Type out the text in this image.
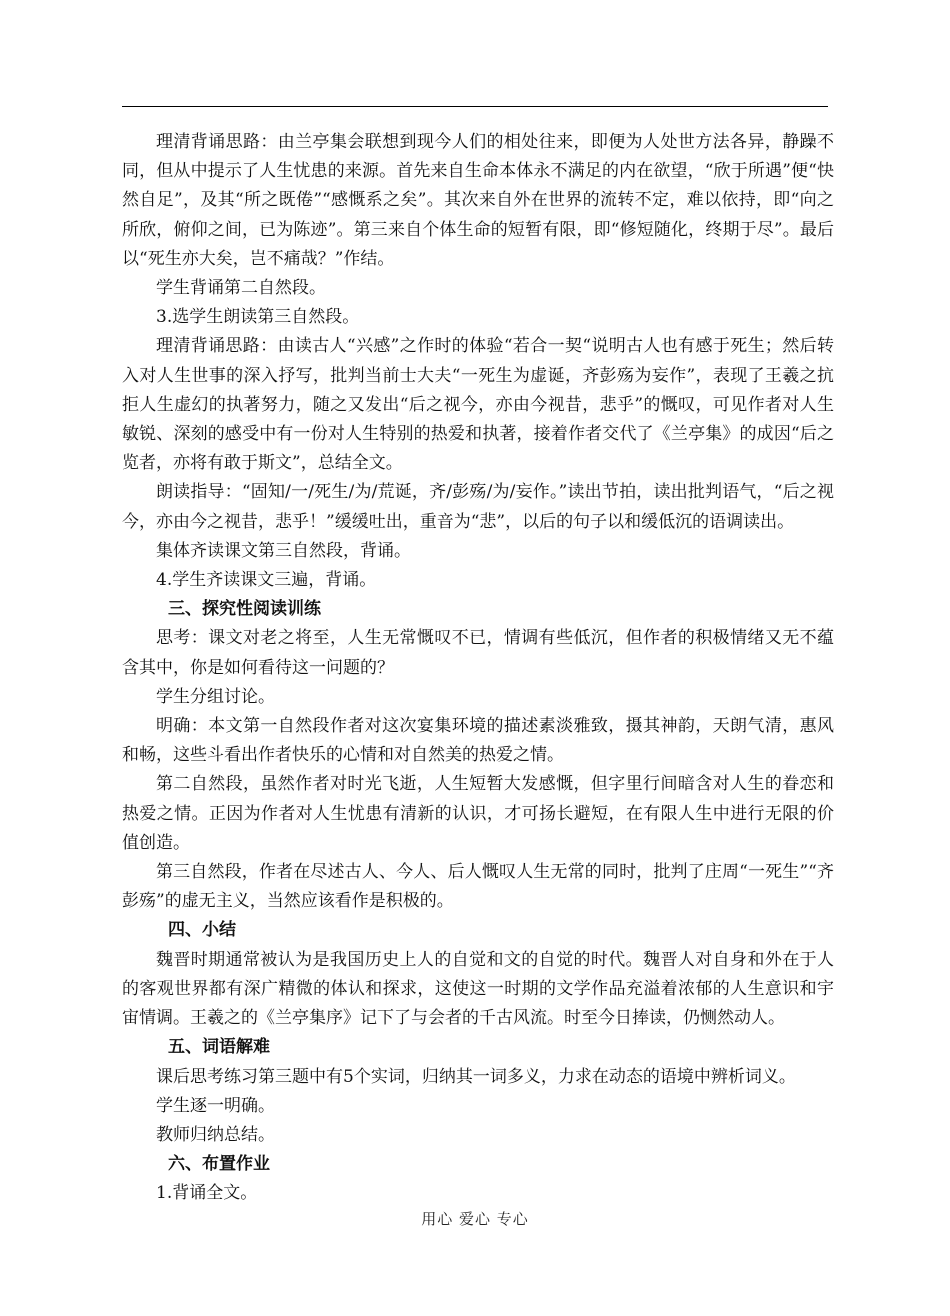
理清背诵思路：由兰亭集会联想到现今人们的相处往来，即便为人处世方法各异，静躁不同，但从中提示了人生忧患的来源。首先来自生命本体永不满足的内在欲望，“欣于所遇”便“快然自足”，及其“所之既倦”“感慨系之矣”。其次来自外在世界的流转不定，难以依持，即“向之所欣，俯仰之间，已为陈迹”。第三来自个体生命的短暂有限，即“修短随化，终期于尽”。最后以“死生亦大矣，岂不痛哉？”作结。

学生背诵第二自然段。

3.选学生朗读第三自然段。

理清背诵思路：由读古人“兴感”之作时的体验“若合一契“说明古人也有感于死生；然后转入对人生世事的深入抒写，批判当前士大夫“一死生为虚诞，齐彭殇为妄作”，表现了王羲之抗拒人生虚幻的执著努力，随之又发出“后之视今，亦由今视昔，悲乎”的慨叹，可见作者对人生敏锐、深刻的感受中有一份对人生特别的热爱和执著，接着作者交代了《兰亭集》的成因“后之览者，亦将有敢于斯文”，总结全文。

朗读指导：“固知/一/死生/为/荒诞，齐/彭殇/为/妄作。”读出节拍，读出批判语气，“后之视今，亦由今之视昔，悲乎！”缓缓吐出，重音为“悲”，以后的句子以和缓低沉的语调读出。

集体齐读课文第三自然段，背诵。

4.学生齐读课文三遍，背诵。

三、探究性阅读训练

思考：课文对老之将至，人生无常慨叹不已，情调有些低沉，但作者的积极情绪又无不蕴含其中，你是如何看待这一问题的？

学生分组讨论。

明确：本文第一自然段作者对这次宴集环境的描述素淡雅致，摄其神韵，天朗气清，惠风和畅，这些斗看出作者快乐的心情和对自然美的热爱之情。

第二自然段，虽然作者对时光飞逝，人生短暂大发感慨，但字里行间暗含对人生的眷恋和热爱之情。正因为作者对人生忧患有清新的认识，才可扬长避短，在有限人生中进行无限的价值创造。

第三自然段，作者在尽述古人、今人、后人慨叹人生无常的同时，批判了庄周“一死生”“齐彭殇”的虚无主义，当然应该看作是积极的。

四、小结

魏晋时期通常被认为是我国历史上人的自觉和文的自觉的时代。魏晋人对自身和外在于人的客观世界都有深广精微的体认和探求，这使这一时期的文学作品充溢着浓郁的人生意识和宇宙情调。王羲之的《兰亭集序》记下了与会者的千古风流。时至今日捧读，仍恻然动人。

五、词语解难

课后思考练习第三题中有5个实词，归纳其一词多义，力求在动态的语境中辨析词义。

学生逐一明确。

教师归纳总结。

六、布置作业

1.背诵全文。

用心 爱心 专心
